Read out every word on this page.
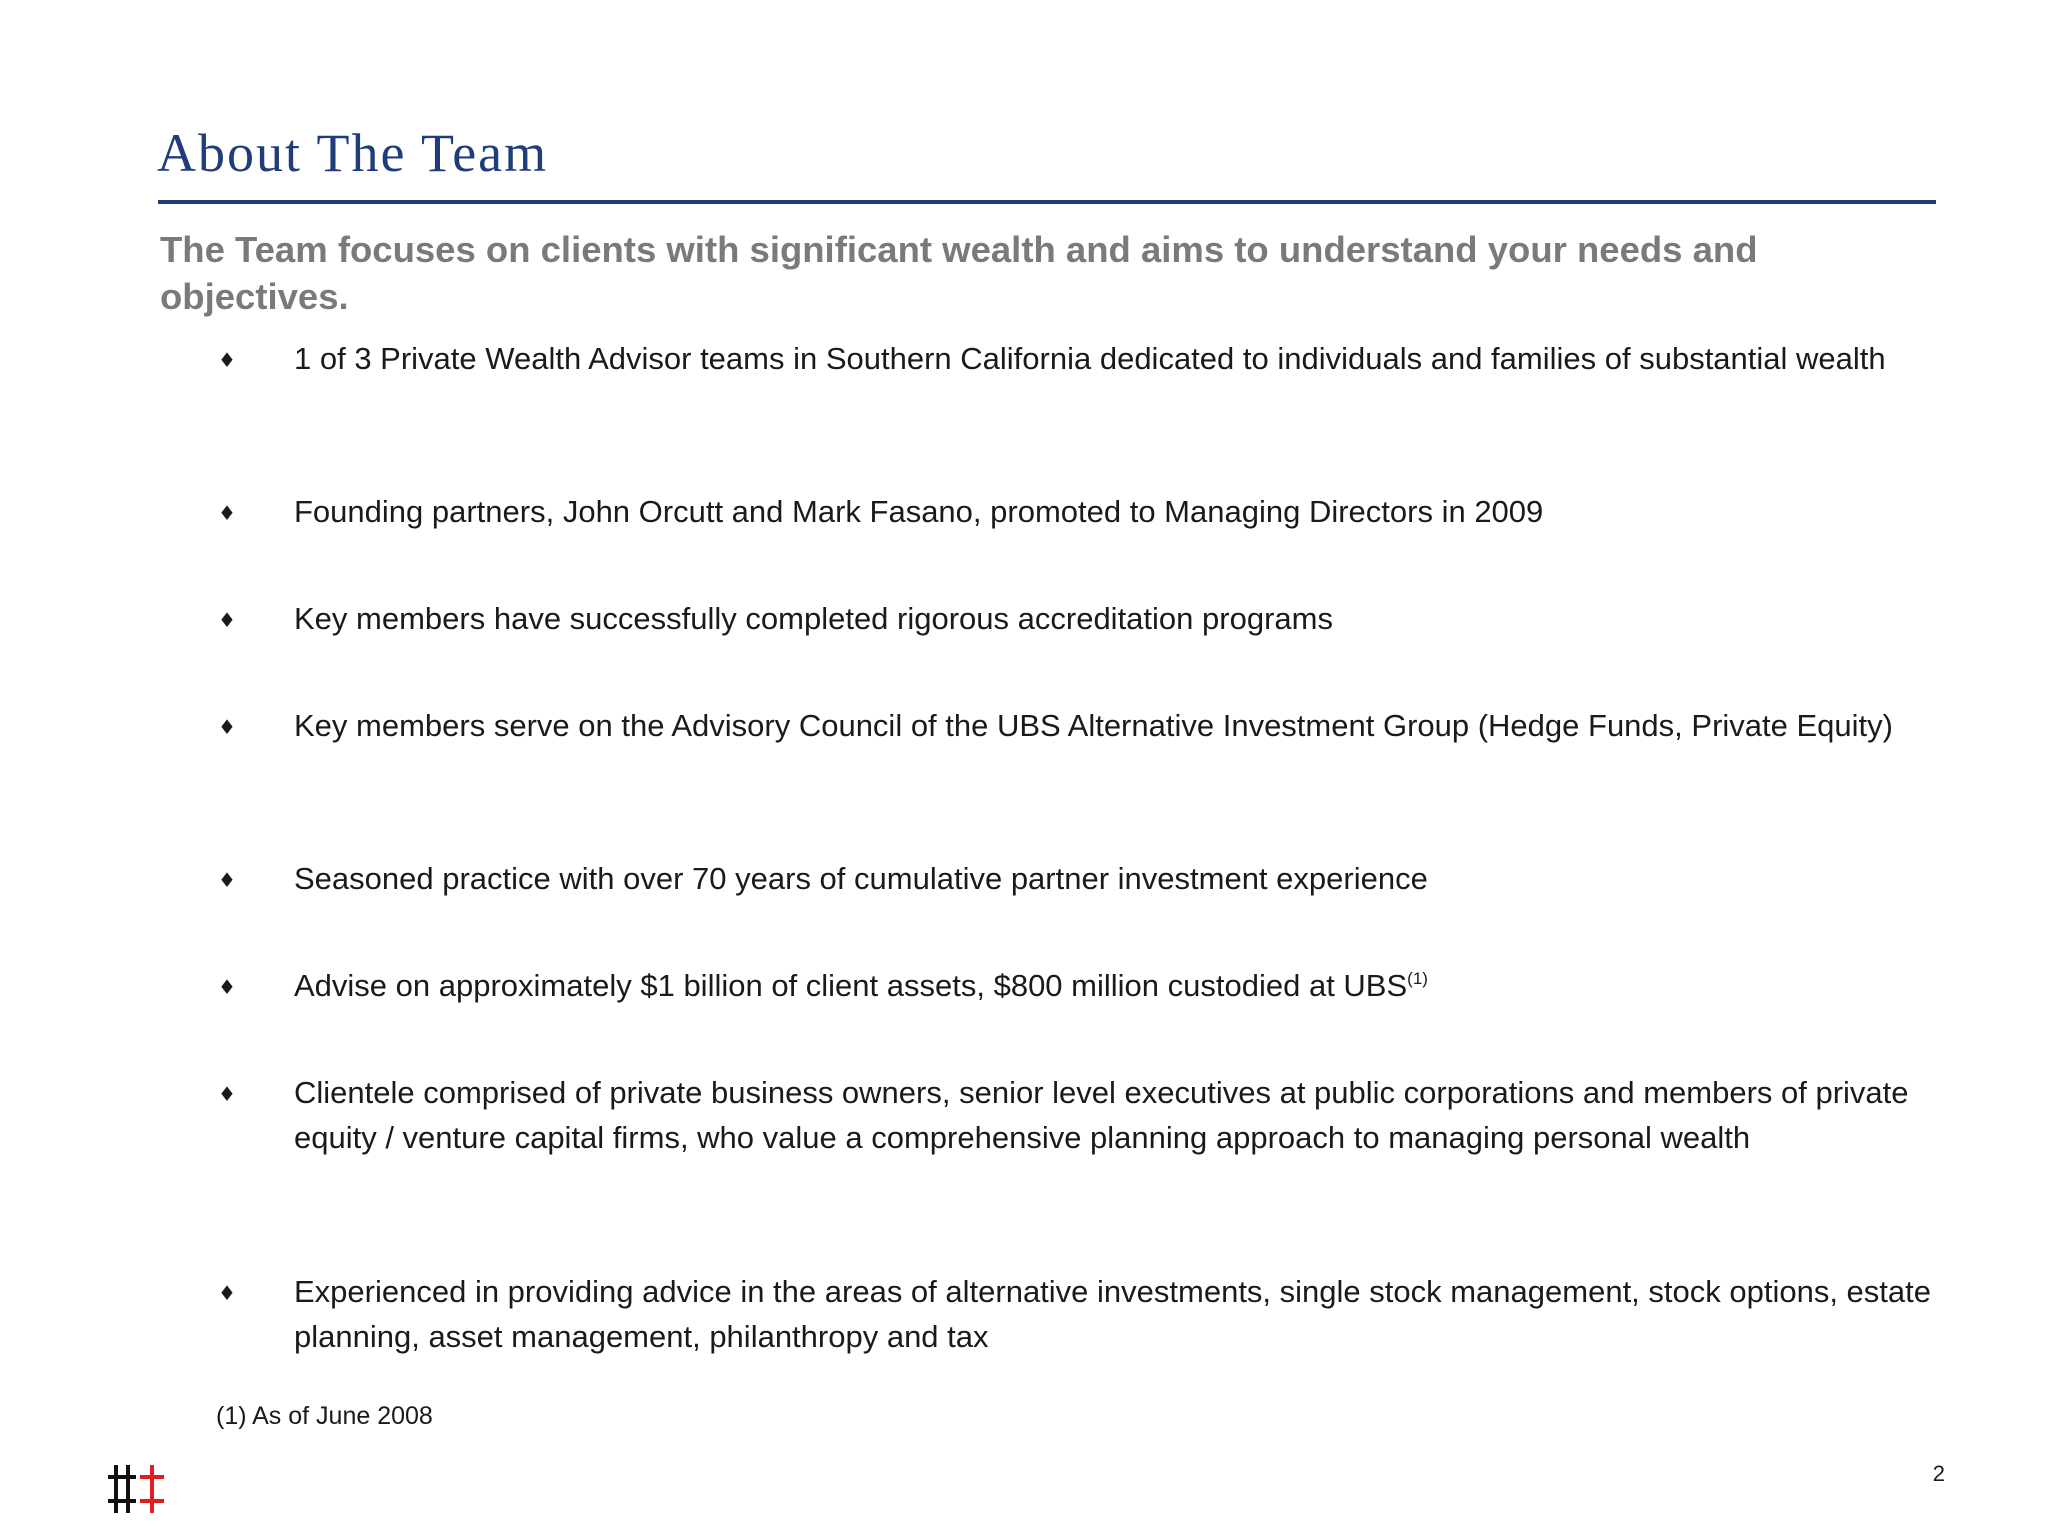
About The Team
The Team focuses on clients with significant wealth and aims to understand your needs and objectives.
♦ 1 of 3 Private Wealth Advisor teams in Southern California dedicated to individuals and families of substantial wealth
♦ Founding partners, John Orcutt and Mark Fasano, promoted to Managing Directors in 2009
♦ Key members have successfully completed rigorous accreditation programs
♦ Key members serve on the Advisory Council of the UBS Alternative Investment Group (Hedge Funds, Private Equity)
♦ Seasoned practice with over 70 years of cumulative partner investment experience
♦ Advise on approximately $1 billion of client assets, $800 million custodied at UBS$^{(1)}$
♦ Clientele comprised of private business owners, senior level executives at public corporations and members of private equity / venture capital firms, who value a comprehensive planning approach to managing personal wealth
♦ Experienced in providing advice in the areas of alternative investments, single stock management, stock options, estate planning, asset management, philanthropy and tax
(1) As of June 2008
2
